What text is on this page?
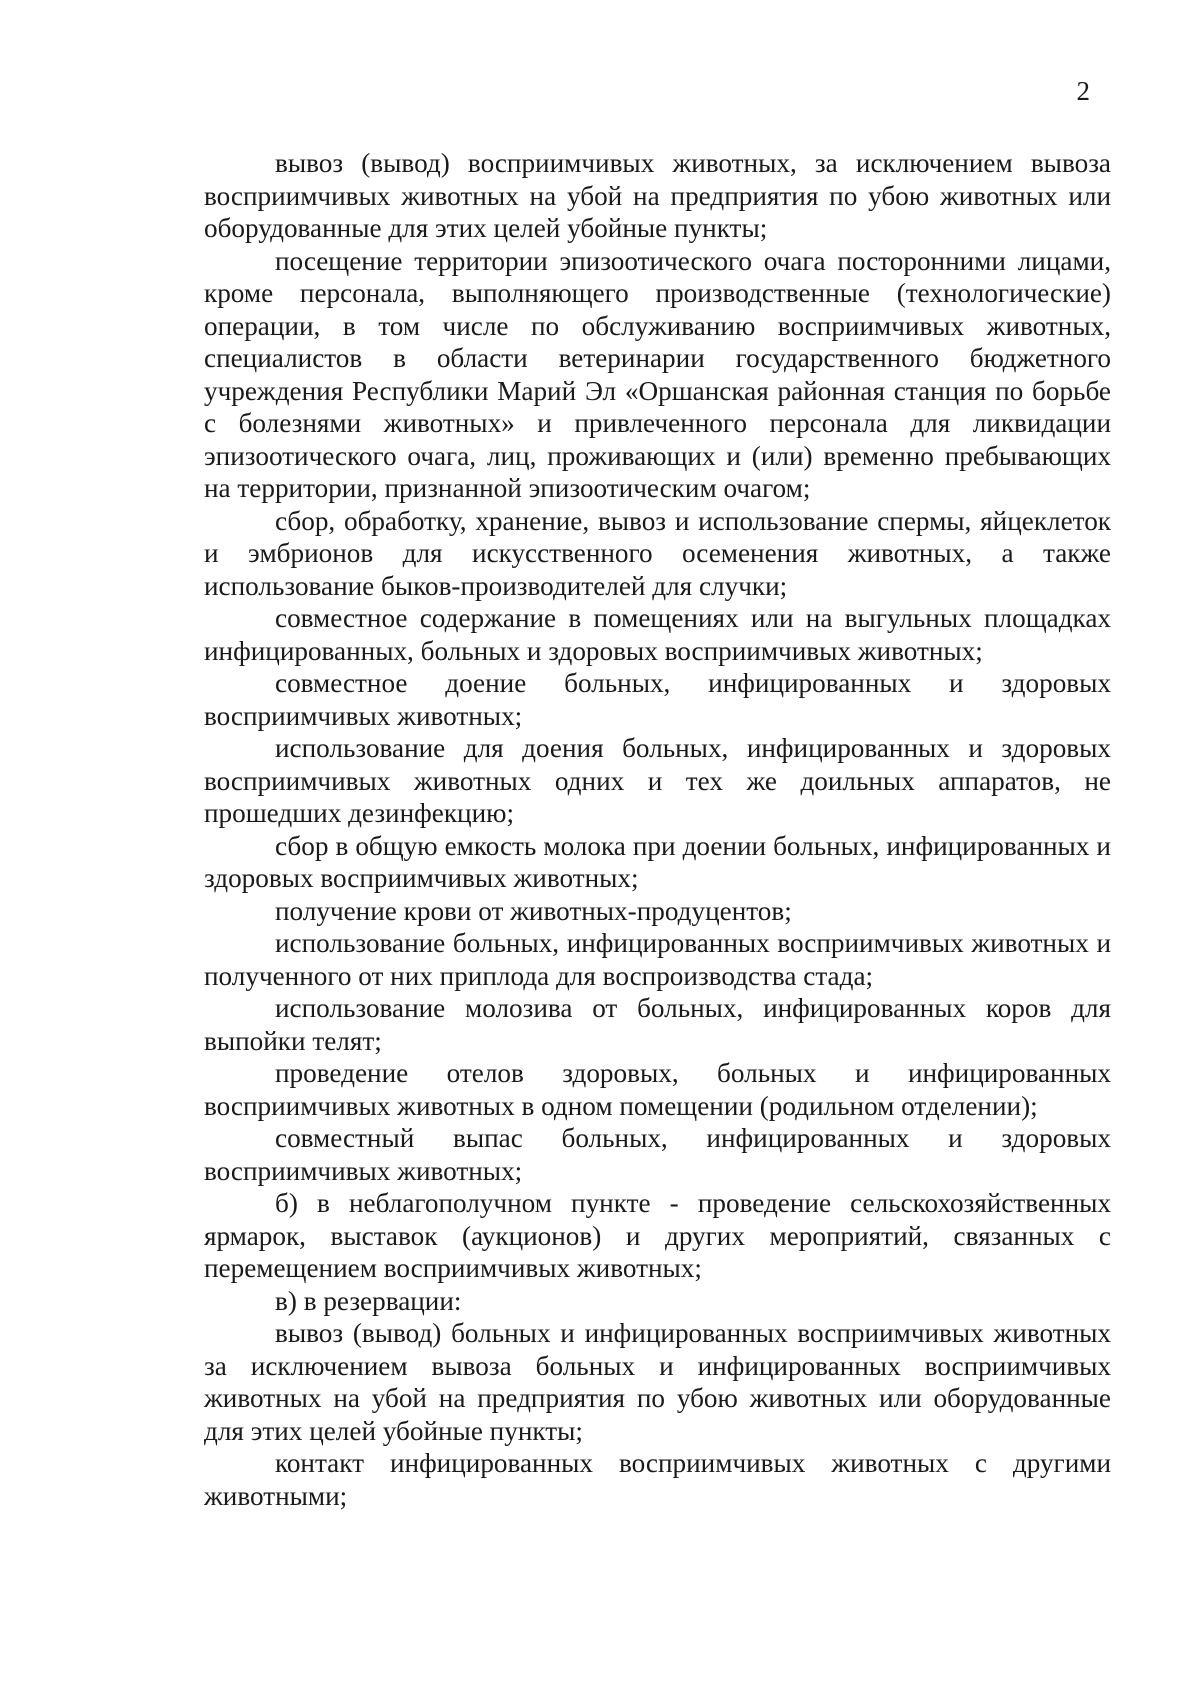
2

вывоз (вывод) восприимчивых животных, за исключением вывоза восприимчивых животных на убой на предприятия по убою животных или оборудованные для этих целей убойные пункты;

посещение территории эпизоотического очага посторонними лицами, кроме персонала, выполняющего производственные (технологические) операции, в том числе по обслуживанию восприимчивых животных, специалистов в области ветеринарии государственного бюджетного учреждения Республики Марий Эл «Оршанская районная станция по борьбе с болезнями животных» и привлеченного персонала для ликвидации эпизоотического очага, лиц, проживающих и (или) временно пребывающих на территории, признанной эпизоотическим очагом;

сбор, обработку, хранение, вывоз и использование спермы, яйцеклеток и эмбрионов для искусственного осеменения животных, а также использование быков-производителей для случки;

совместное содержание в помещениях или на выгульных площадках инфицированных, больных и здоровых восприимчивых животных;

совместное доение больных, инфицированных и здоровых восприимчивых животных;

использование для доения больных, инфицированных и здоровых восприимчивых животных одних и тех же доильных аппаратов, не прошедших дезинфекцию;

сбор в общую емкость молока при доении больных, инфицированных и здоровых восприимчивых животных;

получение крови от животных-продуцентов;

использование больных, инфицированных восприимчивых животных и полученного от них приплода для воспроизводства стада;

использование молозива от больных, инфицированных коров для выпойки телят;

проведение отелов здоровых, больных и инфицированных восприимчивых животных в одном помещении (родильном отделении);

совместный выпас больных, инфицированных и здоровых восприимчивых животных;

б) в неблагополучном пункте - проведение сельскохозяйственных ярмарок, выставок (аукционов) и других мероприятий, связанных с перемещением восприимчивых животных;

в) в резервации:

вывоз (вывод) больных и инфицированных восприимчивых животных за исключением вывоза больных и инфицированных восприимчивых животных на убой на предприятия по убою животных или оборудованные для этих целей убойные пункты;

контакт инфицированных восприимчивых животных с другими животными;
